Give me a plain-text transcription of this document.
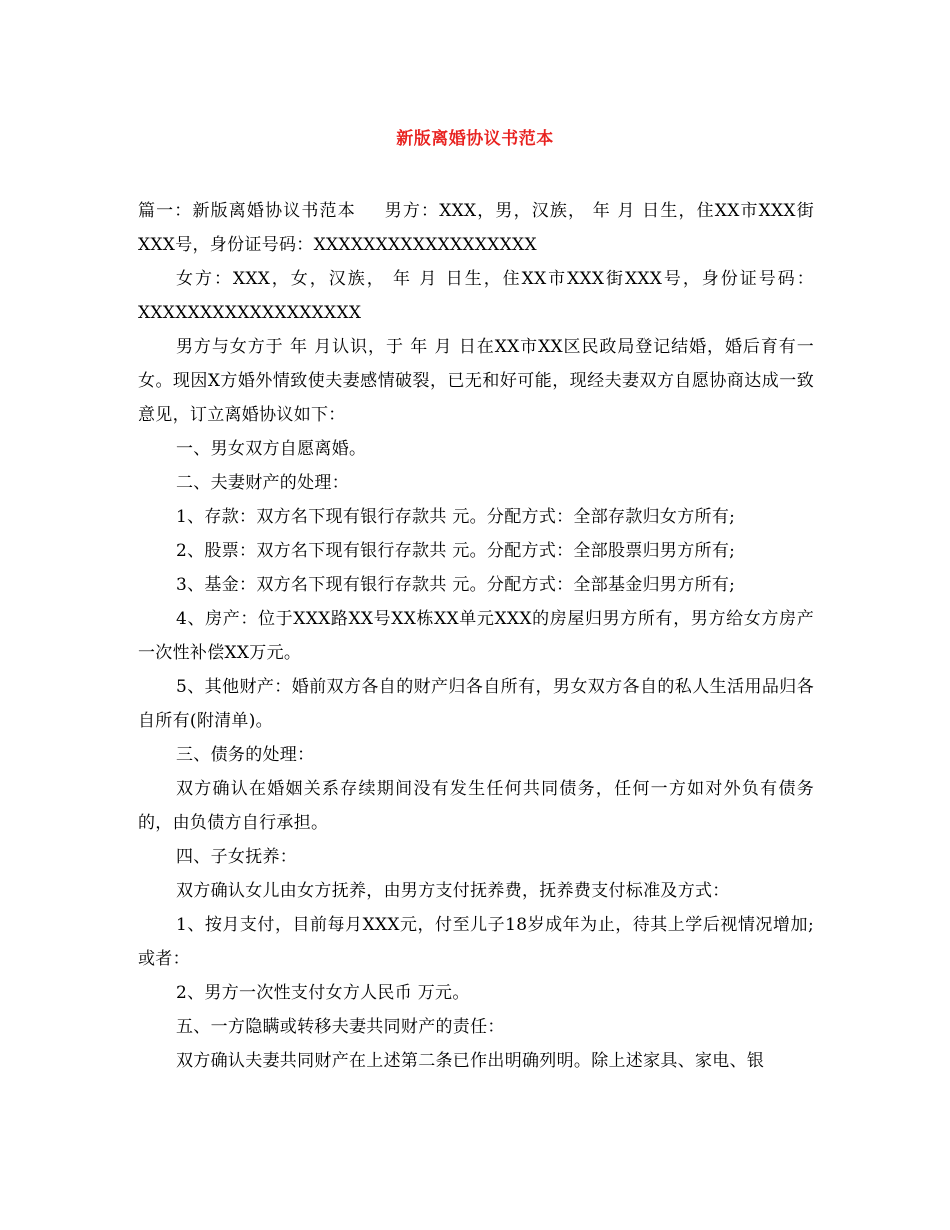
新版离婚协议书范本

篇一：新版离婚协议书范本 男方：XXX，男，汉族， 年 月 日生，住XX市XXX街XXX号，身份证号码：XXXXXXXXXXXXXXXXXX

女方：XXX，女，汉族， 年 月 日生，住XX市XXX街XXX号，身份证号码：XXXXXXXXXXXXXXXXXX

男方与女方于 年 月认识，于 年 月 日在XX市XX区民政局登记结婚，婚后育有一女。现因X方婚外情致使夫妻感情破裂，已无和好可能，现经夫妻双方自愿协商达成一致意见，订立离婚协议如下：

一、男女双方自愿离婚。

二、夫妻财产的处理：

1、存款：双方名下现有银行存款共 元。分配方式：全部存款归女方所有;

2、股票：双方名下现有银行存款共 元。分配方式：全部股票归男方所有;

3、基金：双方名下现有银行存款共 元。分配方式：全部基金归男方所有;

4、房产：位于XXX路XX号XX栋XX单元XXX的房屋归男方所有，男方给女方房产一次性补偿XX万元。

5、其他财产：婚前双方各自的财产归各自所有，男女双方各自的私人生活用品归各自所有(附清单)。

三、债务的处理：

双方确认在婚姻关系存续期间没有发生任何共同债务，任何一方如对外负有债务的，由负债方自行承担。

四、子女抚养：

双方确认女儿由女方抚养，由男方支付抚养费，抚养费支付标准及方式：

1、按月支付，目前每月XXX元，付至儿子18岁成年为止，待其上学后视情况增加;或者：

2、男方一次性支付女方人民币 万元。

五、一方隐瞒或转移夫妻共同财产的责任：

双方确认夫妻共同财产在上述第二条已作出明确列明。除上述家具、家电、银
